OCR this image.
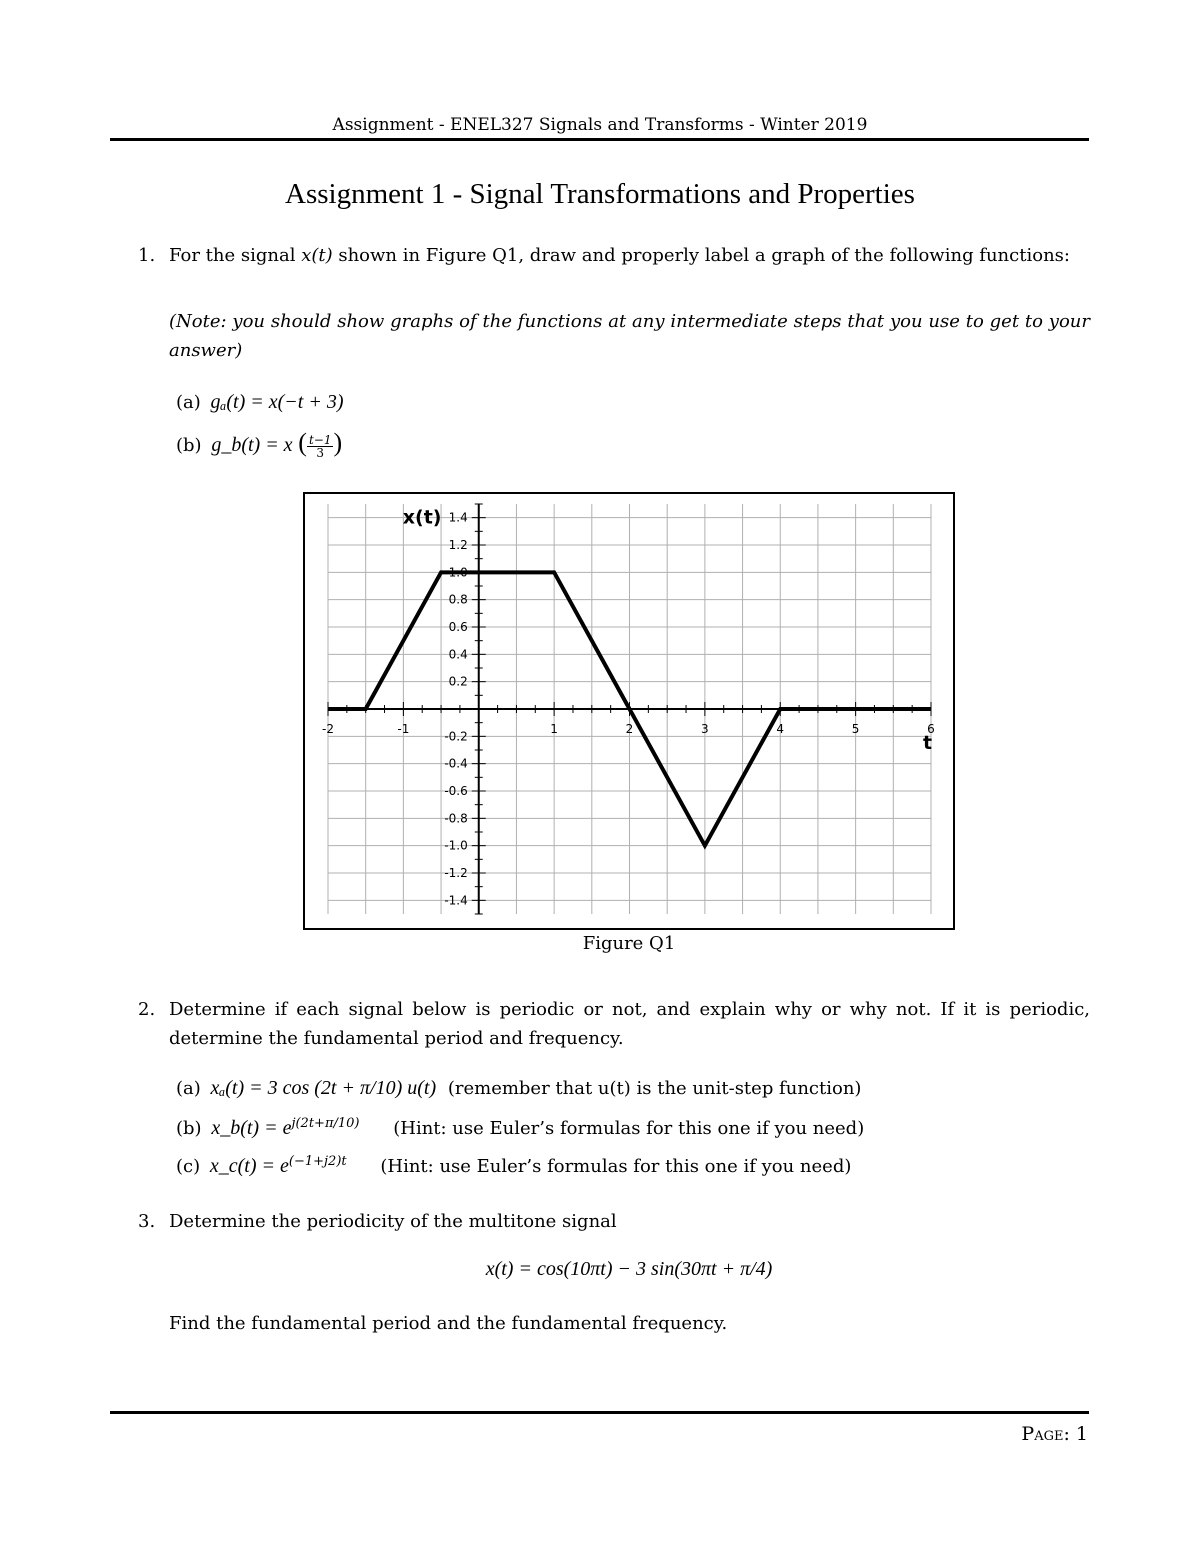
Assignment - ENEL327 Signals and Transforms - Winter 2019
Assignment 1 - Signal Transformations and Properties
1. For the signal x(t) shown in Figure Q1, draw and properly label a graph of the following functions:
(Note: you should show graphs of the functions at any intermediate steps that you use to get to your answer)
(a) gₐ(t) = x(−t + 3)
(b) g_b(t) = x ( $\frac{t-1}{3}$ )
-2	-1	1	2	3	4	5	6
1.4
1.2
1.0
0.8
0.6
0.4
0.2
-0.2
-0.4
-0.6
-0.8
-1.0
-1.2
-1.4
x(t)
t
Figure Q1
2. Determine if each signal below is periodic or not, and explain why or why not. If it is periodic, determine the fundamental period and frequency.
(a) xₐ(t) = 3 cos (2t + π/10) u(t) (remember that u(t) is the unit-step function)
(b) x_b(t) = $e^{j(2t+\pi/10)}$ (Hint: use Euler’s formulas for this one if you need)
(c) x_c(t) = $e^{(-1+j2)t}$ (Hint: use Euler’s formulas for this one if you need)
3. Determine the periodicity of the multitone signal
x(t) = cos(10πt) − 3 sin(30πt + π/4)
Find the fundamental period and the fundamental frequency.
Page: 1
